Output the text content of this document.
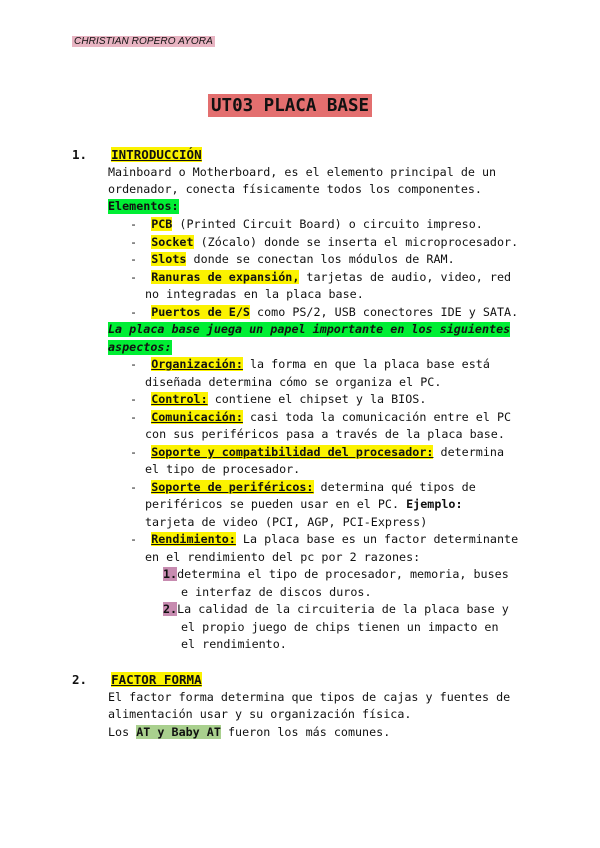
CHRISTIAN ROPERO AYORA
UT03 PLACA BASE
1. INTRODUCCIÓN
Mainboard o Motherboard, es el elemento principal de un
ordenador, conecta físicamente todos los componentes.
Elementos:
- PCB (Printed Circuit Board) o circuito impreso.
- Socket (Zócalo) donde se inserta el microprocesador.
- Slots donde se conectan los módulos de RAM.
- Ranuras de expansión, tarjetas de audio, video, red
no integradas en la placa base.
- Puertos de E/S como PS/2, USB conectores IDE y SATA.
La placa base juega un papel importante en los siguientes
aspectos:
- Organización: la forma en que la placa base está
diseñada determina cómo se organiza el PC.
- Control: contiene el chipset y la BIOS.
- Comunicación: casi toda la comunicación entre el PC
con sus periféricos pasa a través de la placa base.
- Soporte y compatibilidad del procesador: determina
el tipo de procesador.
- Soporte de periféricos: determina qué tipos de
periféricos se pueden usar en el PC. Ejemplo:
tarjeta de video (PCI, AGP, PCI-Express)
- Rendimiento: La placa base es un factor determinante
en el rendimiento del pc por 2 razones:
1.determina el tipo de procesador, memoria, buses
e interfaz de discos duros.
2.La calidad de la circuiteria de la placa base y
el propio juego de chips tienen un impacto en
el rendimiento.
2. FACTOR FORMA
El factor forma determina que tipos de cajas y fuentes de
alimentación usar y su organización física.
Los AT y Baby AT fueron los más comunes.
